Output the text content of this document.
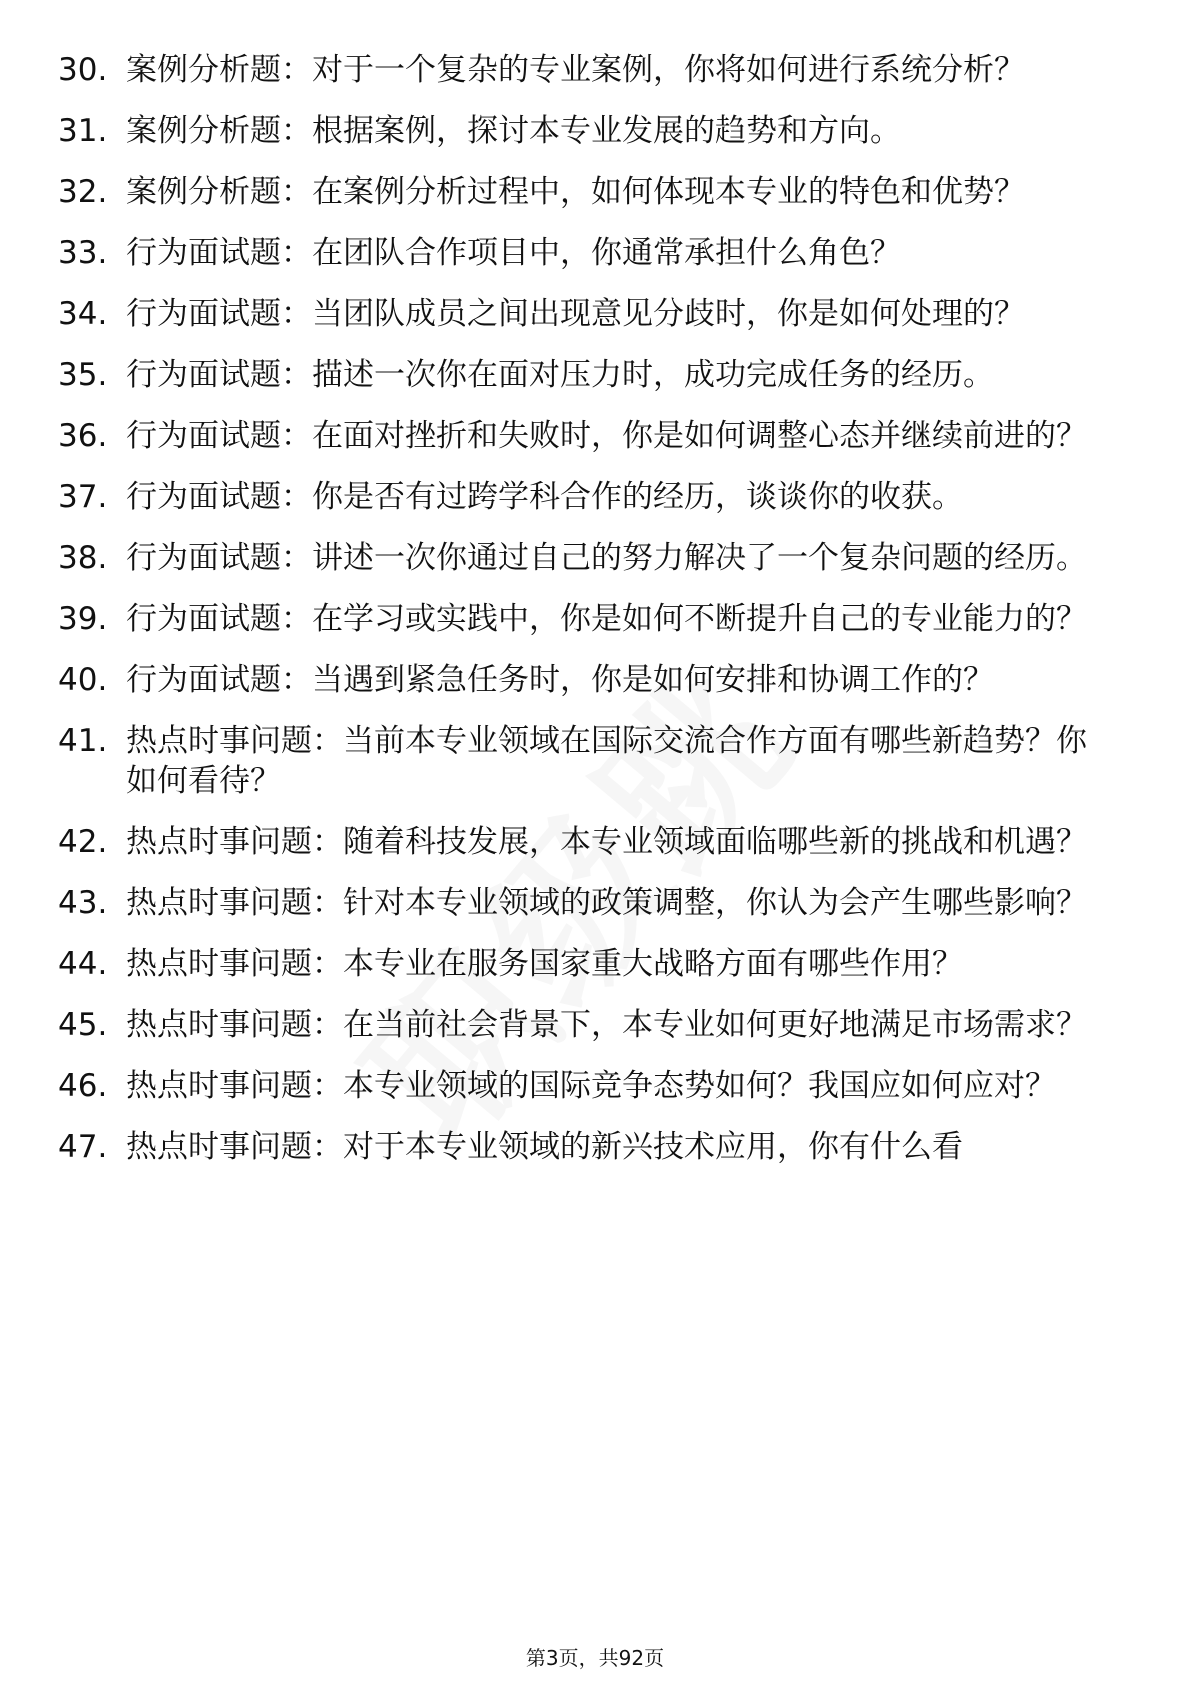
30. 案例分析题：对于一个复杂的专业案例，你将如何进行系统分析？
31. 案例分析题：根据案例，探讨本专业发展的趋势和方向。
32. 案例分析题：在案例分析过程中，如何体现本专业的特色和优势？
33. 行为面试题：在团队合作项目中，你通常承担什么角色？
34. 行为面试题：当团队成员之间出现意见分歧时，你是如何处理的？
35. 行为面试题：描述一次你在面对压力时，成功完成任务的经历。
36. 行为面试题：在面对挫折和失败时，你是如何调整心态并继续前进的？
37. 行为面试题：你是否有过跨学科合作的经历，谈谈你的收获。
38. 行为面试题：讲述一次你通过自己的努力解决了一个复杂问题的经历。
39. 行为面试题：在学习或实践中，你是如何不断提升自己的专业能力的？
40. 行为面试题：当遇到紧急任务时，你是如何安排和协调工作的？
41. 热点时事问题：当前本专业领域在国际交流合作方面有哪些新趋势？你如何看待？
42. 热点时事问题：随着科技发展，本专业领域面临哪些新的挑战和机遇？
43. 热点时事问题：针对本专业领域的政策调整，你认为会产生哪些影响？
44. 热点时事问题：本专业在服务国家重大战略方面有哪些作用？
45. 热点时事问题：在当前社会背景下，本专业如何更好地满足市场需求？
46. 热点时事问题：本专业领域的国际竞争态势如何？我国应如何应对？
47. 热点时事问题：对于本专业领域的新兴技术应用，你有什么看
第3页，共92页
